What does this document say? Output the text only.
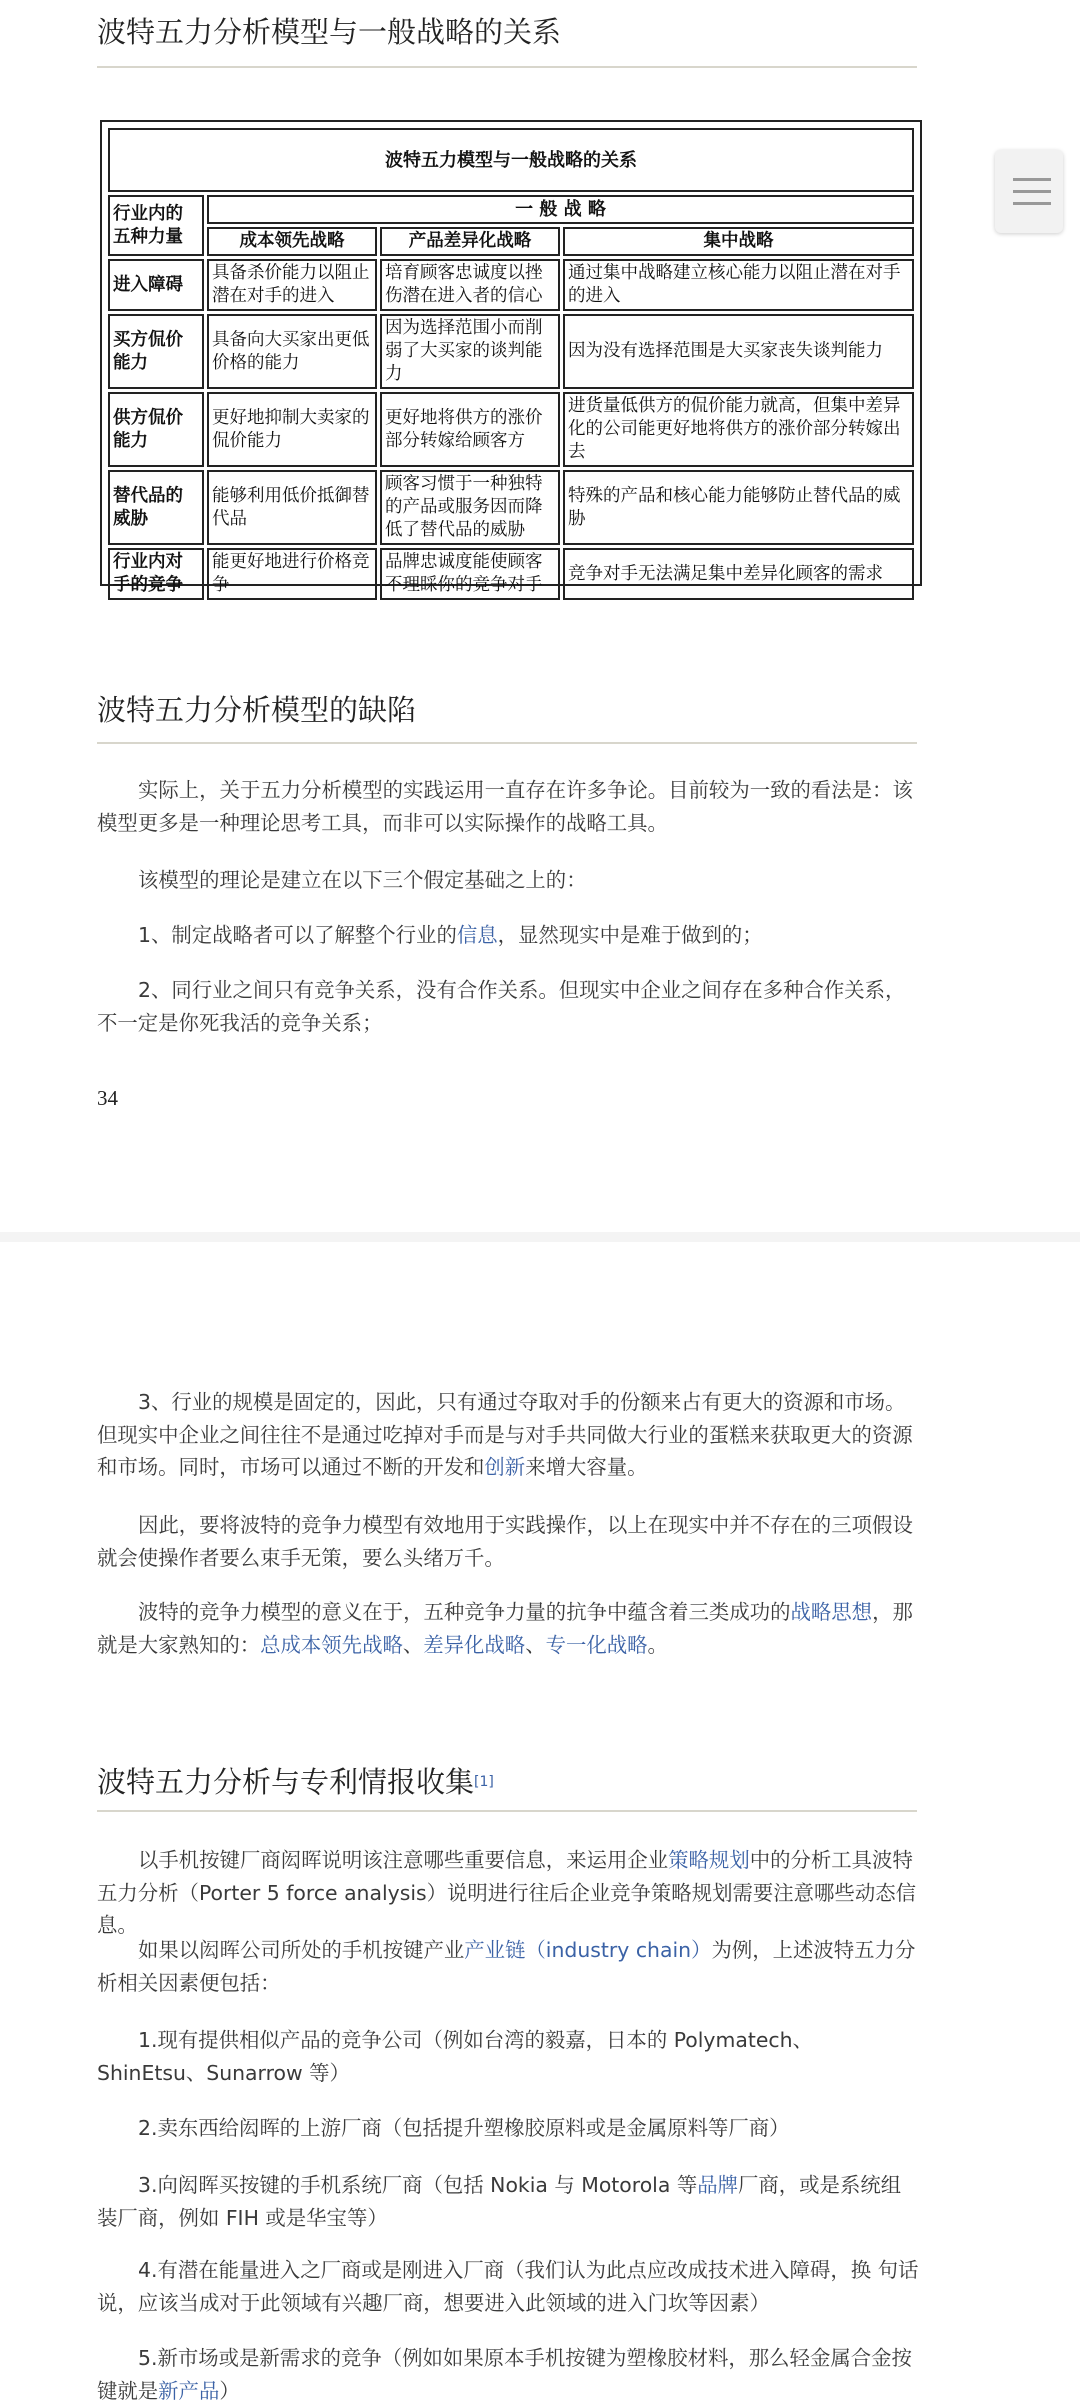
波特五力分析模型与一般战略的关系
波特五力模型与一般战略的关系			
行业内的五种力量	一 般 战 略		
	成本领先战略	产品差异化战略	集中战略
进入障碍	具备杀价能力以阻止潜在对手的进入	培育顾客忠诚度以挫伤潜在进入者的信心	通过集中战略建立核心能力以阻止潜在对手的进入
买方侃价能力	具备向大买家出更低价格的能力	因为选择范围小而削弱了大买家的谈判能力	因为没有选择范围是大买家丧失谈判能力
供方侃价能力	更好地抑制大卖家的侃价能力	更好地将供方的涨价部分转嫁给顾客方	进货量低供方的侃价能力就高，但集中差异化的公司能更好地将供方的涨价部分转嫁出去
替代品的威胁	能够利用低价抵御替代品	顾客习惯于一种独特的产品或服务因而降低了替代品的威胁	特殊的产品和核心能力能够防止替代品的威胁
行业内对手的竞争	能更好地进行价格竞争	品牌忠诚度能使顾客不理睬你的竞争对手	竞争对手无法满足集中差异化顾客的需求
波特五力分析模型的缺陷

实际上，关于五力分析模型的实践运用一直存在许多争论。目前较为一致的看法是：该模型更多是一种理论思考工具，而非可以实际操作的战略工具。

该模型的理论是建立在以下三个假定基础之上的：

1、制定战略者可以了解整个行业的信息，显然现实中是难于做到的；

2、同行业之间只有竞争关系，没有合作关系。但现实中企业之间存在多种合作关系，不一定是你死我活的竞争关系；

34

3、行业的规模是固定的，因此，只有通过夺取对手的份额来占有更大的资源和市场。但现实中企业之间往往不是通过吃掉对手而是与对手共同做大行业的蛋糕来获取更大的资源和市场。同时，市场可以通过不断的开发和创新来增大容量。

因此，要将波特的竞争力模型有效地用于实践操作，以上在现实中并不存在的三项假设就会使操作者要么束手无策，要么头绪万千。

波特的竞争力模型的意义在于，五种竞争力量的抗争中蕴含着三类成功的战略思想，那就是大家熟知的：总成本领先战略、差异化战略、专一化战略。

波特五力分析与专利情报收集[1]

以手机按键厂商闳晖说明该注意哪些重要信息，来运用企业策略规划中的分析工具波特五力分析（Porter 5 force analysis）说明进行往后企业竞争策略规划需要注意哪些动态信息。

如果以闳晖公司所处的手机按键产业产业链（industry chain）为例，上述波特五力分析相关因素便包括：

1.现有提供相似产品的竞争公司（例如台湾的毅嘉，日本的 Polymatech、ShinEtsu、Sunarrow 等）

2.卖东西给闳晖的上游厂商（包括提升塑橡胶原料或是金属原料等厂商）

3.向闳晖买按键的手机系统厂商（包括 Nokia 与 Motorola 等品牌厂商，或是系统组装厂商，例如 FIH 或是华宝等）

4.有潜在能量进入之厂商或是刚进入厂商（我们认为此点应改成技术进入障碍，换 句话说，应该当成对于此领域有兴趣厂商，想要进入此领域的进入门坎等因素）

5.新市场或是新需求的竞争（例如如果原本手机按键为塑橡胶材料，那么轻金属合金按键就是新产品）
